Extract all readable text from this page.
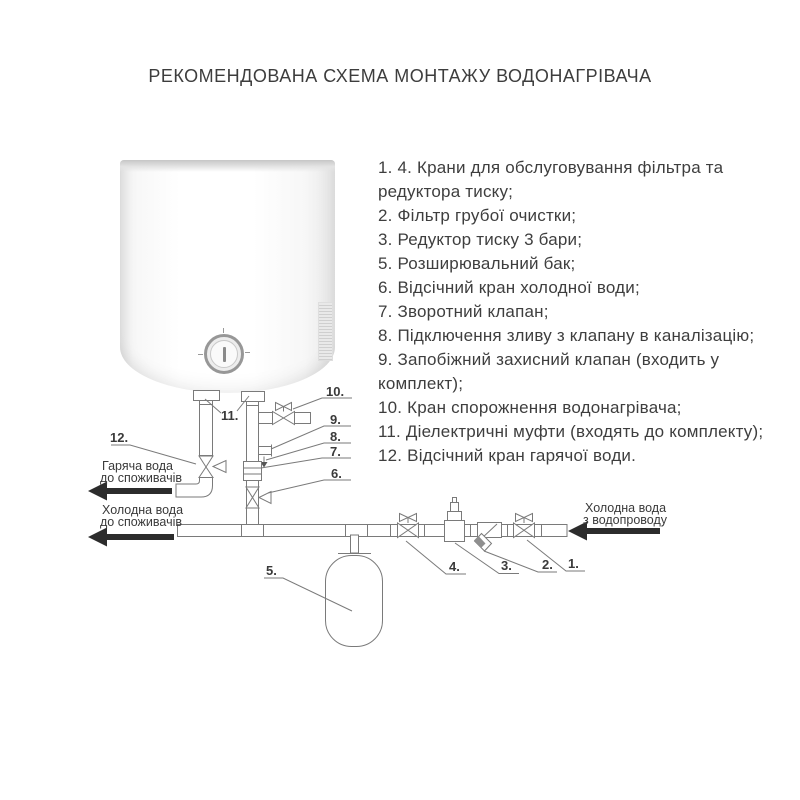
РЕКОМЕНДОВАНА СХЕМА МОНТАЖУ ВОДОНАГРІВАЧА
1. 4. Крани для обслуговування фільтра та
редуктора тиску;
2. Фільтр грубої очистки;
3. Редуктор тиску 3 бари;
5. Розширювальний бак;
6. Відсічний кран холодної води;
7. Зворотний клапан;
8. Підключення зливу з клапану в каналізацію;
9. Запобіжний захисний клапан (входить у
комплект);
10. Кран спорожнення водонагрівача;
11. Діелектричні муфти (входять до комплекту);
12. Відсічний кран гарячої води.
Гаряча вода
до споживачів
Холодна вода
до споживачів
Холодна вода
з водопроводу
12.
11.
10.
9.
8.
7.
6.
5.	4.	3. 2. 1.
